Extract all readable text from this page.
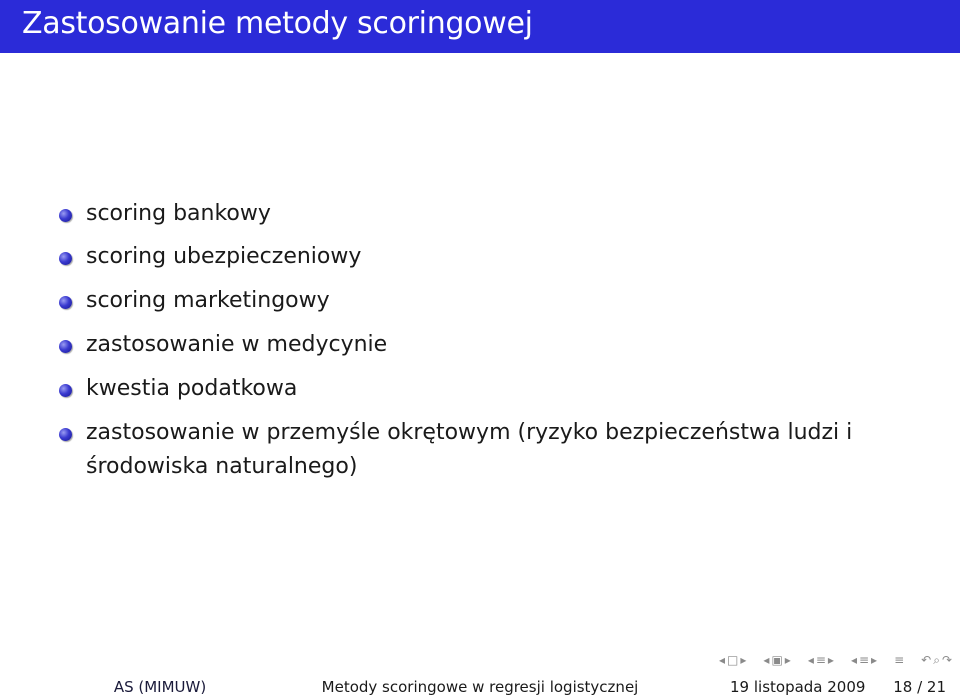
Zastosowanie metody scoringowej
scoring bankowy
scoring ubezpieczeniowy
scoring marketingowy
zastosowanie w medycynie
kwestia podatkowa
zastosowanie w przemyśle okrętowym (ryzyko bezpieczeństwa ludzi i
środowiska naturalnego)
◂ □ ▸ ◂ ▣ ▸ ◂ ≡ ▸ ◂ ≡ ▸ ≡ ↶ ⌕ ↷
AS (MIMUW)	Metody scoringowe w regresji logistycznej	19 listopada 2009 18 / 21
